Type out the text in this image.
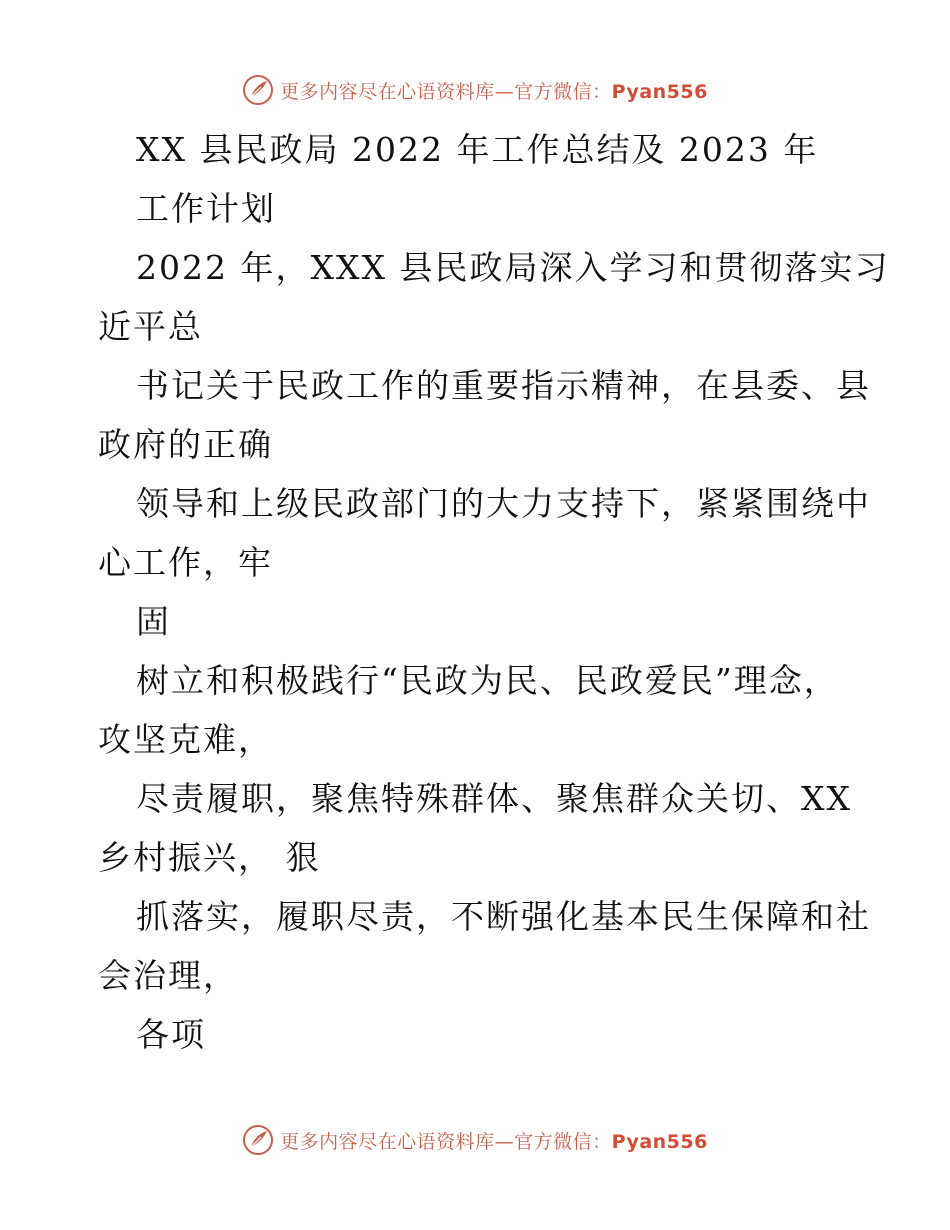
更多内容尽在心语资料库—官方微信：Pyan556
XX 县民政局 2022 年工作总结及 2023 年
工作计划
2022 年，XXX 县民政局深入学习和贯彻落实习
近平总
书记关于民政工作的重要指示精神，在县委、县
政府的正确
领导和上级民政部门的大力支持下，紧紧围绕中
心工作，牢
固
树立和积极践行“民政为民、民政爱民”理念，
攻坚克难，
尽责履职，聚焦特殊群体、聚焦群众关切、XX
乡村振兴， 狠
抓落实，履职尽责，不断强化基本民生保障和社
会治理，
各项
更多内容尽在心语资料库—官方微信：Pyan556
